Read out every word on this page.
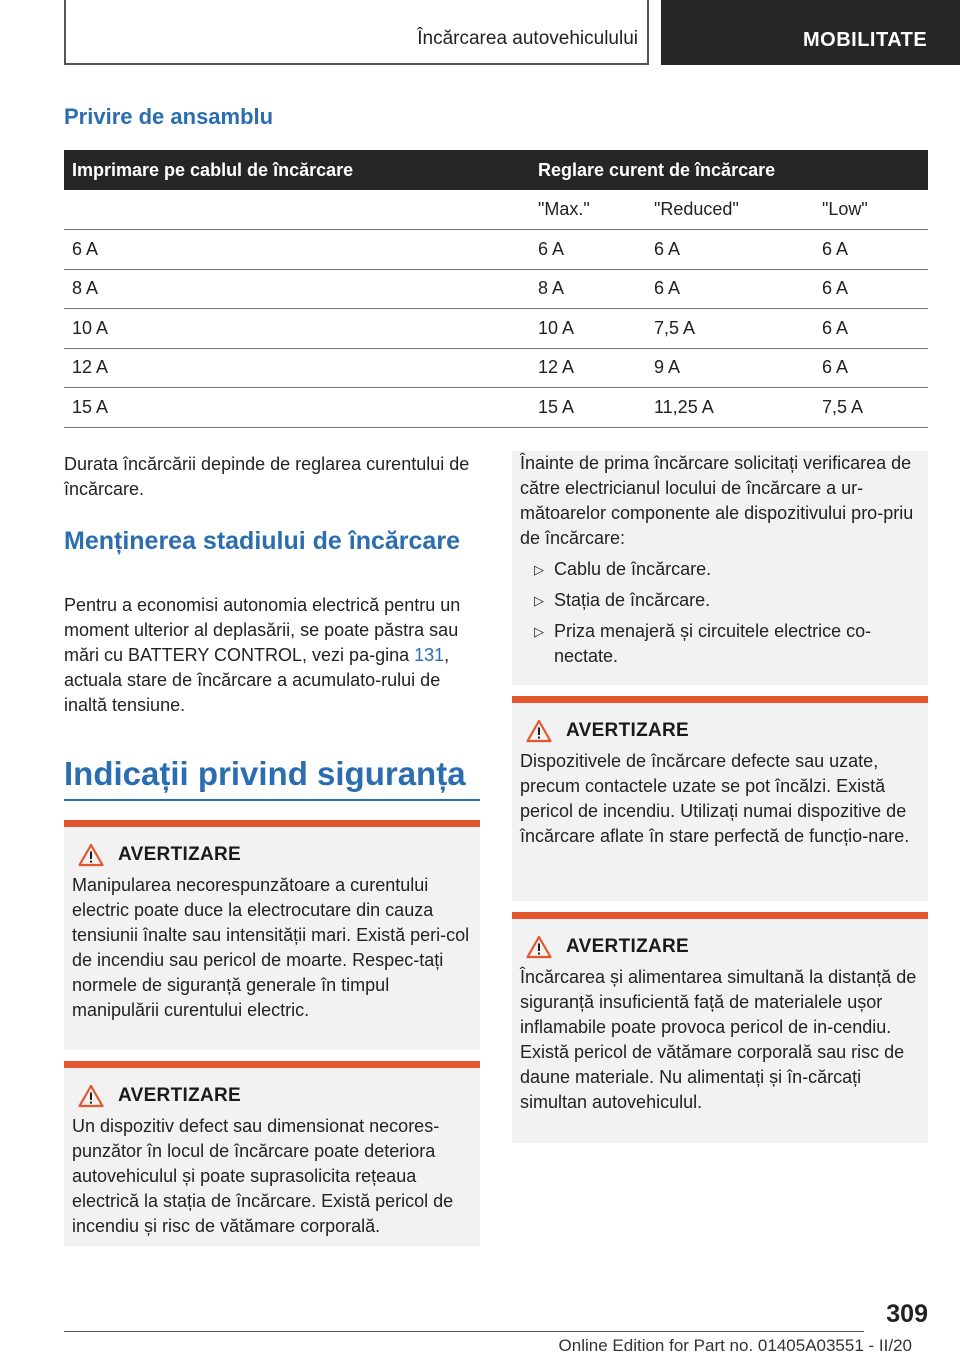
Încărcarea autovehiculului	MOBILITATE
Privire de ansamblu
Imprimare pe cablul de încărcare	Reglare curent de încărcare		
	"Max."	"Reduced"	"Low"
6 A	6 A	6 A	6 A
8 A	8 A	6 A	6 A
10 A	10 A	7,5 A	6 A
12 A	12 A	9 A	6 A
15 A	15 A	11,25 A	7,5 A

Durata încărcării depinde de reglarea curentului de încărcare.

Menținerea stadiului de încărcare

Pentru a economisi autonomia electrică pentru un moment ulterior al deplasării, se poate păstra sau mări cu BATTERY CONTROL, vezi pa-gina 131, actuala stare de încărcare a acumulato-rului de inaltă tensiune.

Indicații privind siguranța
AVERTIZARE

Manipularea necorespunzătoare a curentului electric poate duce la electrocutare din cauza tensiunii înalte sau intensității mari. Există peri-col de incendiu sau pericol de moarte. Respec-tați normele de siguranță generale în timpul manipulării curentului electric.

AVERTIZARE

Un dispozitiv defect sau dimensionat necores-punzător în locul de încărcare poate deteriora autovehiculul și poate suprasolicita rețeaua electrică la stația de încărcare. Există pericol de incendiu și risc de vătămare corporală.

Înainte de prima încărcare solicitați verificarea de către electricianul locului de încărcare a ur-mătoarelor componente ale dispozitivului pro-priu de încărcare:

▷ Cablu de încărcare.
▷ Stația de încărcare.
▷ Priza menajeră și circuitele electrice co-nectate.
AVERTIZARE

Dispozitivele de încărcare defecte sau uzate, precum contactele uzate se pot încălzi. Există pericol de incendiu. Utilizați numai dispozitive de încărcare aflate în stare perfectă de funcțio-nare.

AVERTIZARE

Încărcarea și alimentarea simultană la distanță de siguranță insuficientă față de materialele ușor inflamabile poate provoca pericol de in-cendiu. Există pericol de vătămare corporală sau risc de daune materiale. Nu alimentați și în-cărcați simultan autovehiculul.

309
Online Edition for Part no. 01405A03551 - II/20
